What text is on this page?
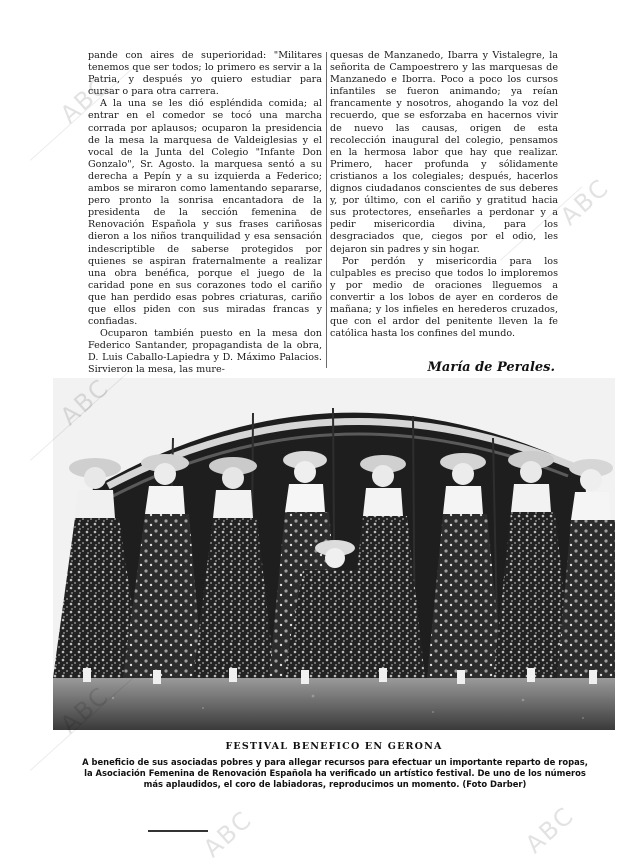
pande con aires de superioridad: "Militares tenemos que ser todos; lo primero es servir a la Patria, y después yo quiero estudiar para cursar o para otra carrera.

A la una se les dió espléndida comida; al entrar en el comedor se tocó una marcha corrada por aplausos; ocuparon la presidencia de la mesa la marquesa de Valdeiglesias y el vocal de la Junta del Colegio "Infante Don Gonzalo", Sr. Agosto. la marquesa sentó a su derecha a Pepín y a su izquierda a Federico; ambos se miraron como lamentando separarse, pero pronto la sonrisa encantadora de la presidenta de la sección femenina de Renovación Española y sus frases cariñosas dieron a los niños tranquilidad y esa sensación indescriptible de saberse protegidos por quienes se aspiran fraternalmente a realizar una obra benéfica, porque el juego de la caridad pone en sus corazones todo el cariño que han perdido esas pobres criaturas, cariño que ellos piden con sus miradas francas y confiadas.

Ocuparon también puesto en la mesa don Federico Santander, propagandista de la obra, D. Luis Caballo-Lapiedra y D. Máximo Palacios. Sirvieron la mesa, las mure-

quesas de Manzanedo, Ibarra y Vistalegre, la señorita de Campoestrero y las marquesas de Manzanedo e Iborra. Poco a poco los cursos infantiles se fueron animando; ya reían francamente y nosotros, ahogando la voz del recuerdo, que se esforzaba en hacernos vivir de nuevo las causas, origen de esta recolección inaugural del colegio, pensamos en la hermosa labor que hay que realizar. Primero, hacer profunda y sólidamente cristianos a los colegiales; después, hacerlos dignos ciudadanos conscientes de sus deberes y, por último, con el cariño y gratitud hacia sus protectores, enseñarles a perdonar y a pedir misericordia divina, para los desgraciados que, ciegos por el odio, les dejaron sin padres y sin hogar.

Por perdón y misericordia para los culpables es preciso que todos lo imploremos y por medio de oraciones lleguemos a convertir a los lobos de ayer en corderos de mañana; y los infieles en herederos cruzados, que con el ardor del penitente lleven la fe católica hasta los confines del mundo.

María de Perales.
FESTIVAL BENEFICO EN GERONA
A beneficio de sus asociadas pobres y para allegar recursos para efectuar un importante reparto de ropas, la Asociación Femenina de Renovación Española ha verificado un artístico festival. De uno de los números más aplaudidos, el coro de labiadoras, reproducimos un momento. (Foto Darber)
ABC
ABC
ABC
ABC
